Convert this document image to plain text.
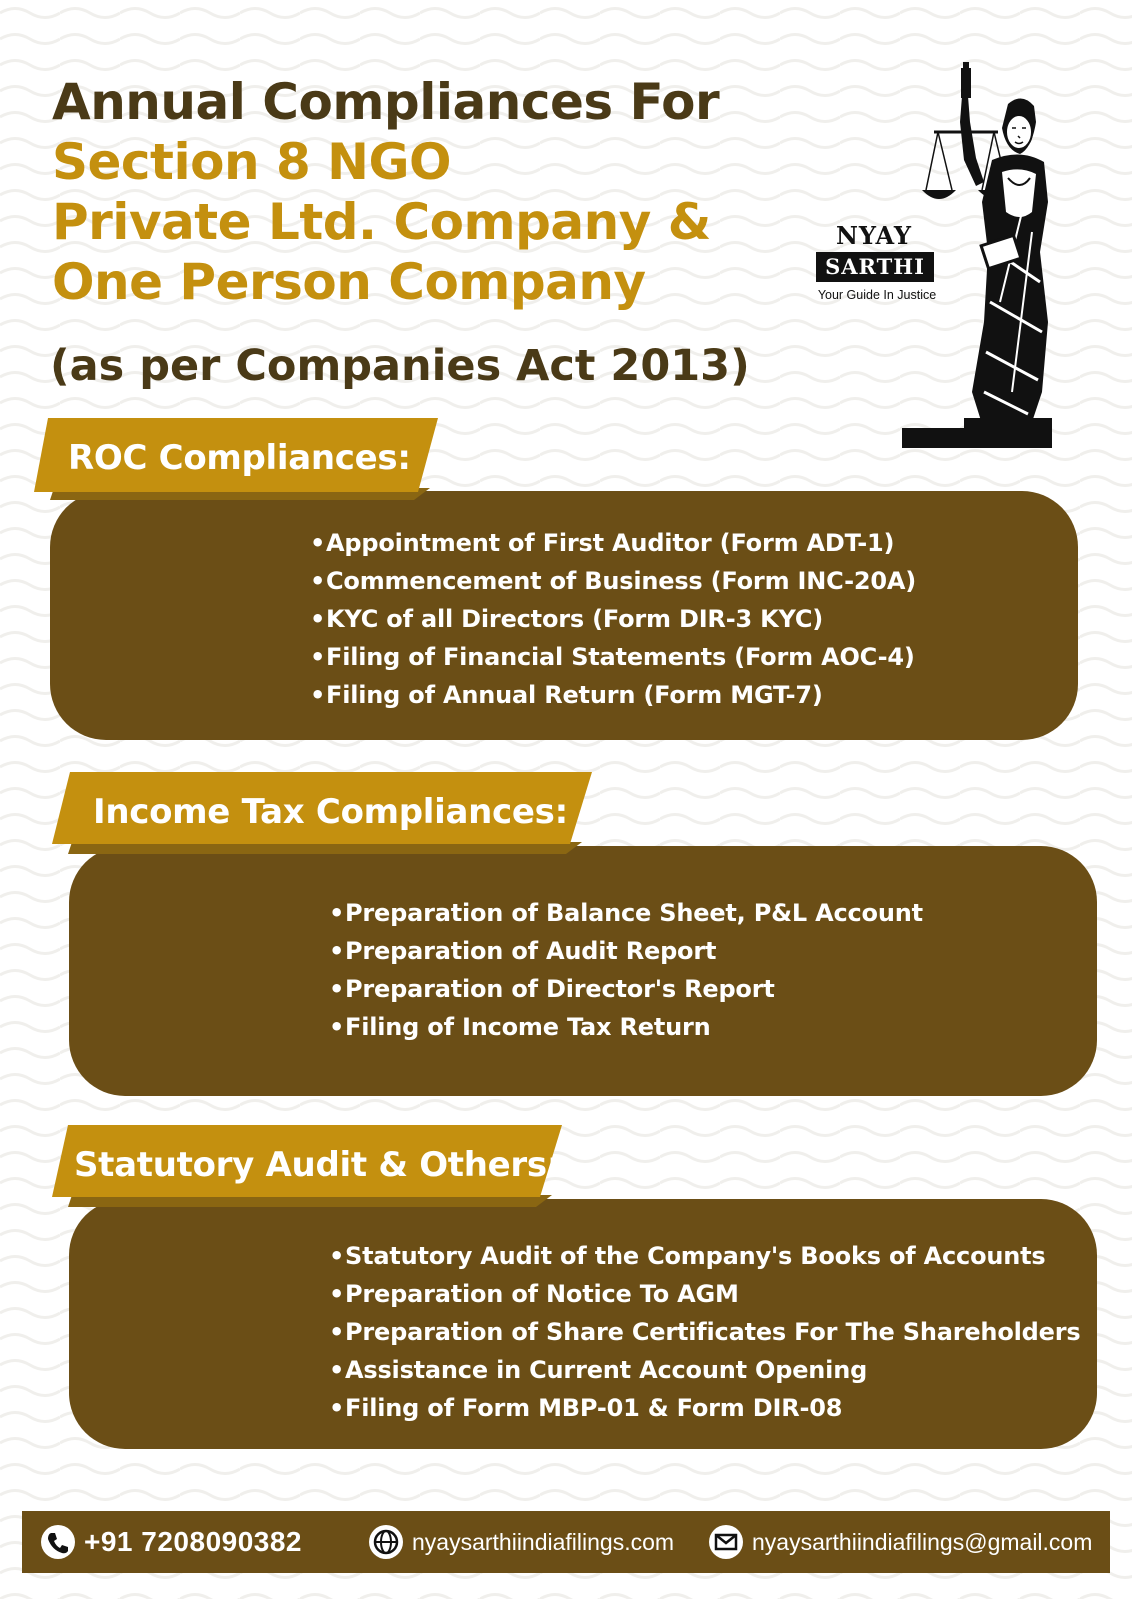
Annual Compliances For
Section 8 NGO
Private Ltd. Company &
One Person Company
(as per Companies Act 2013)
NYAY
SARTHI
Your Guide In Justice
•Appointment of First Auditor (Form ADT-1)
•Commencement of Business (Form INC-20A)
•KYC of all Directors (Form DIR-3 KYC)
•Filing of Financial Statements (Form AOC-4)
•Filing of Annual Return (Form MGT-7)
ROC Compliances:
•Preparation of Balance Sheet, P&L Account
•Preparation of Audit Report
•Preparation of Director's Report
•Filing of Income Tax Return
Income Tax Compliances:
•Statutory Audit of the Company's Books of Accounts
•Preparation of Notice To AGM
•Preparation of Share Certificates For The Shareholders
•Assistance in Current Account Opening
•Filing of Form MBP-01 & Form DIR-08
Statutory Audit & Others:
+91 7208090382	nyaysarthiindiafilings.com	nyaysarthiindiafilings@gmail.com
